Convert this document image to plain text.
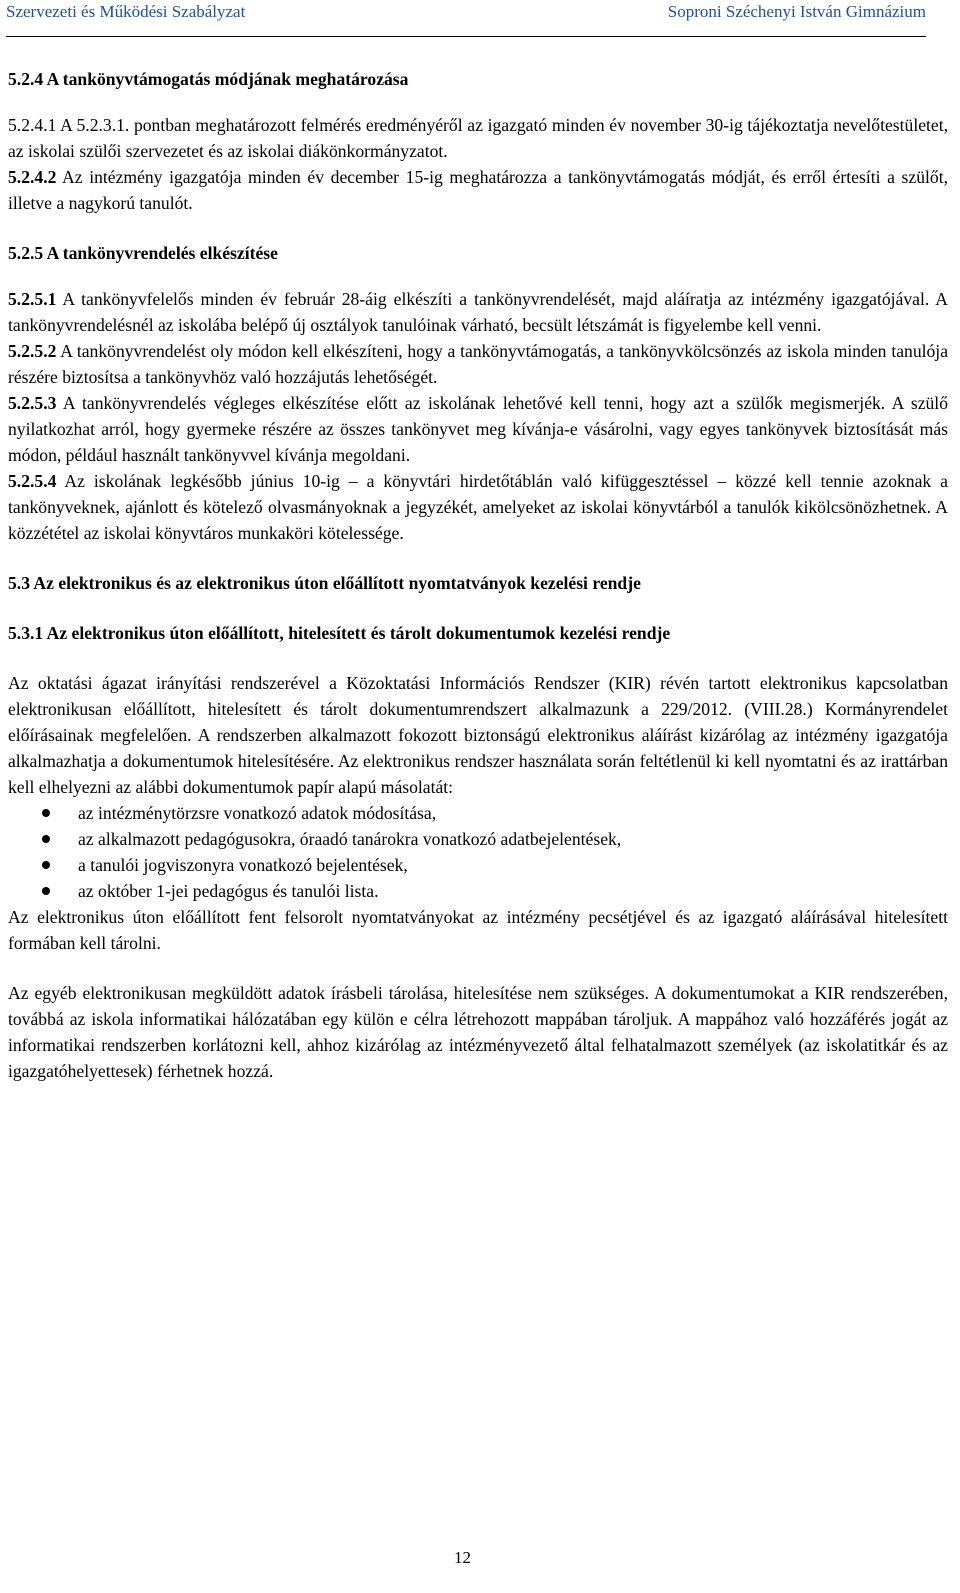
Szervezeti és Működési Szabályzat	Soproni Széchenyi István Gimnázium

5.2.4 A tankönyvtámogatás módjának meghatározása

5.2.4.1 A 5.2.3.1. pontban meghatározott felmérés eredményéről az igazgató minden év november 30-ig tájékoztatja nevelőtestületet, az iskolai szülői szervezetet és az iskolai diákönkormányzatot.

5.2.4.2 Az intézmény igazgatója minden év december 15-ig meghatározza a tankönyvtámogatás módját, és erről értesíti a szülőt, illetve a nagykorú tanulót.

5.2.5 A tankönyvrendelés elkészítése

5.2.5.1 A tankönyvfelelős minden év február 28-áig elkészíti a tankönyvrendelését, majd aláíratja az intézmény igazgatójával. A tankönyvrendelésnél az iskolába belépő új osztályok tanulóinak várható, becsült létszámát is figyelembe kell venni.

5.2.5.2 A tankönyvrendelést oly módon kell elkészíteni, hogy a tankönyvtámogatás, a tankönyvkölcsönzés az iskola minden tanulója részére biztosítsa a tankönyvhöz való hozzájutás lehetőségét.

5.2.5.3 A tankönyvrendelés végleges elkészítése előtt az iskolának lehetővé kell tenni, hogy azt a szülők megismerjék. A szülő nyilatkozhat arról, hogy gyermeke részére az összes tankönyvet meg kívánja-e vásárolni, vagy egyes tankönyvek biztosítását más módon, például használt tankönyvvel kívánja megoldani.

5.2.5.4 Az iskolának legkésőbb június 10-ig – a könyvtári hirdetőtáblán való kifüggesztéssel – közzé kell tennie azoknak a tankönyveknek, ajánlott és kötelező olvasmányoknak a jegyzékét, amelyeket az iskolai könyvtárból a tanulók kikölcsönözhetnek. A közzététel az iskolai könyvtáros munkaköri kötelessége.

5.3 Az elektronikus és az elektronikus úton előállított nyomtatványok kezelési rendje

5.3.1 Az elektronikus úton előállított, hitelesített és tárolt dokumentumok kezelési rendje

Az oktatási ágazat irányítási rendszerével a Közoktatási Információs Rendszer (KIR) révén tartott elektronikus kapcsolatban elektronikusan előállított, hitelesített és tárolt dokumentumrendszert alkalmazunk a 229/2012. (VIII.28.) Kormányrendelet előírásainak megfelelően. A rendszerben alkalmazott fokozott biztonságú elektronikus aláírást kizárólag az intézmény igazgatója alkalmazhatja a dokumentumok hitelesítésére. Az elektronikus rendszer használata során feltétlenül ki kell nyomtatni és az irattárban kell elhelyezni az alábbi dokumentumok papír alapú másolatát:

az intézménytörzsre vonatkozó adatok módosítása,
az alkalmazott pedagógusokra, óraadó tanárokra vonatkozó adatbejelentések,
a tanulói jogviszonyra vonatkozó bejelentések,
az október 1-jei pedagógus és tanulói lista.

Az elektronikus úton előállított fent felsorolt nyomtatványokat az intézmény pecsétjével és az igazgató aláírásával hitelesített formában kell tárolni.

Az egyéb elektronikusan megküldött adatok írásbeli tárolása, hitelesítése nem szükséges. A dokumentumokat a KIR rendszerében, továbbá az iskola informatikai hálózatában egy külön e célra létrehozott mappában tároljuk. A mappához való hozzáférés jogát az informatikai rendszerben korlátozni kell, ahhoz kizárólag az intézményvezető által felhatalmazott személyek (az iskolatitkár és az igazgatóhelyettesek) férhetnek hozzá.

12
